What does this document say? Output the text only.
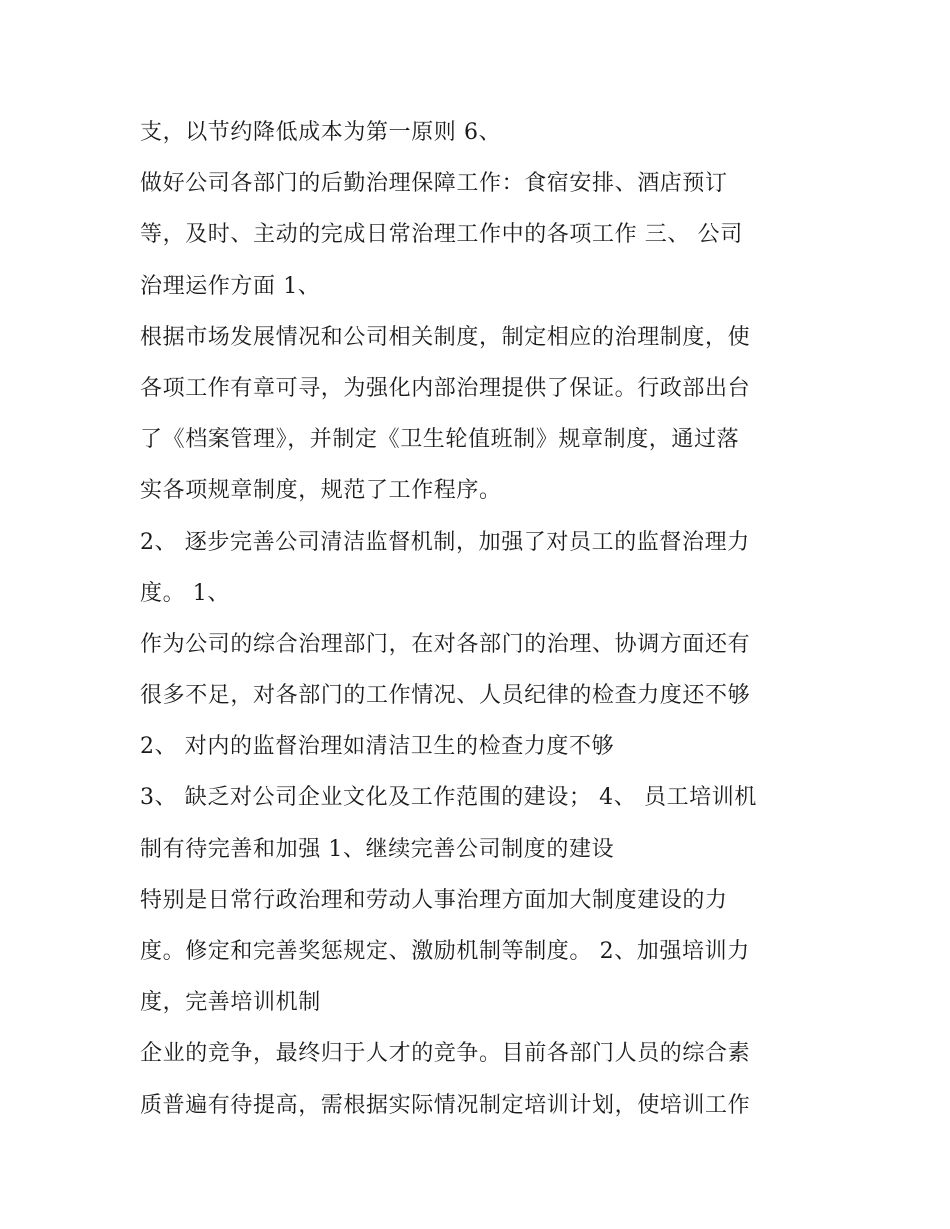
支，以节约降低成本为第一原则 6、
做好公司各部门的后勤治理保障工作：食宿安排、酒店预订
等，及时、主动的完成日常治理工作中的各项工作 三、 公司
治理运作方面 1、
根据市场发展情况和公司相关制度，制定相应的治理制度，使
各项工作有章可寻，为强化内部治理提供了保证。行政部出台
了《档案管理》，并制定《卫生轮值班制》规章制度，通过落
实各项规章制度，规范了工作程序。
2、 逐步完善公司清洁监督机制，加强了对员工的监督治理力
度。 1、
作为公司的综合治理部门，在对各部门的治理、协调方面还有
很多不足，对各部门的工作情况、人员纪律的检查力度还不够
2、 对内的监督治理如清洁卫生的检查力度不够
3、 缺乏对公司企业文化及工作范围的建设； 4、 员工培训机
制有待完善和加强 1、继续完善公司制度的建设
特别是日常行政治理和劳动人事治理方面加大制度建设的力
度。修定和完善奖惩规定、激励机制等制度。 2、加强培训力
度，完善培训机制
企业的竞争，最终归于人才的竞争。目前各部门人员的综合素
质普遍有待提高，需根据实际情况制定培训计划，使培训工作
